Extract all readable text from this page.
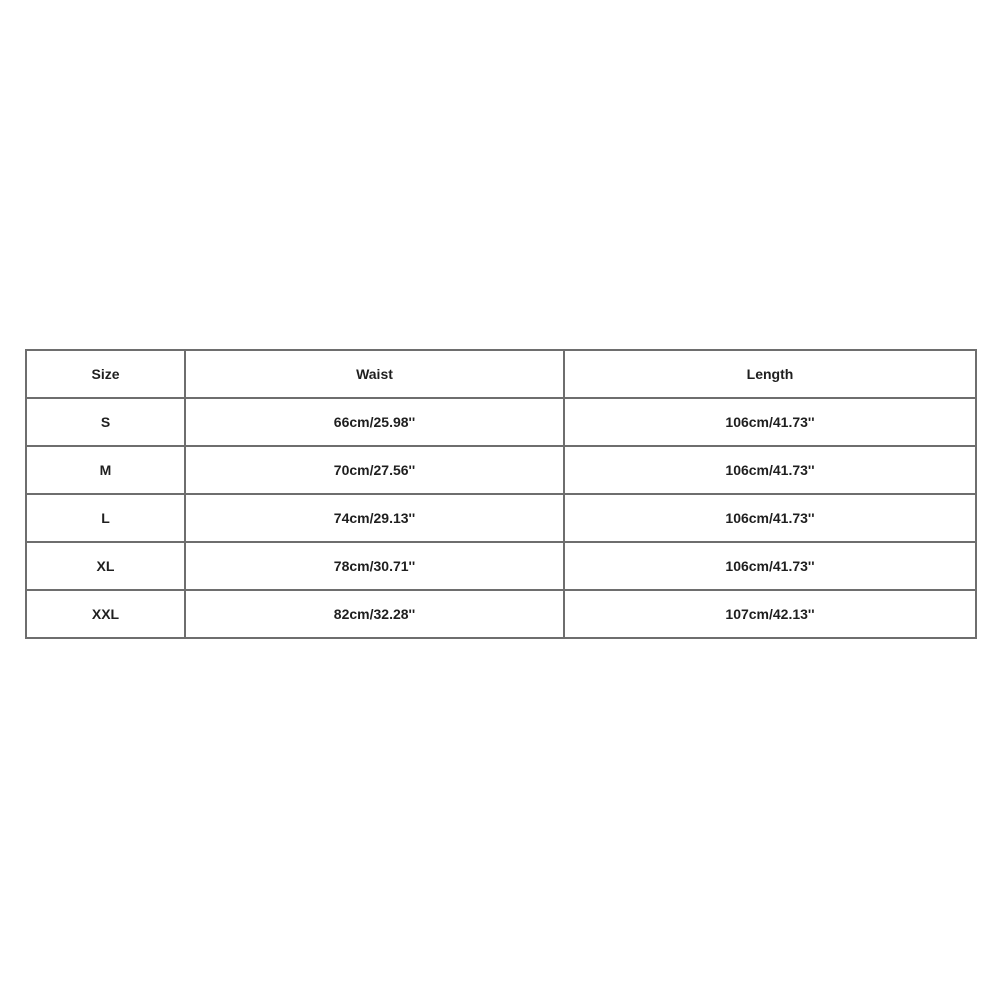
Size	Waist	Length
S	66cm/25.98''	106cm/41.73''
M	70cm/27.56''	106cm/41.73''
L	74cm/29.13''	106cm/41.73''
XL	78cm/30.71''	106cm/41.73''
XXL	82cm/32.28''	107cm/42.13''
